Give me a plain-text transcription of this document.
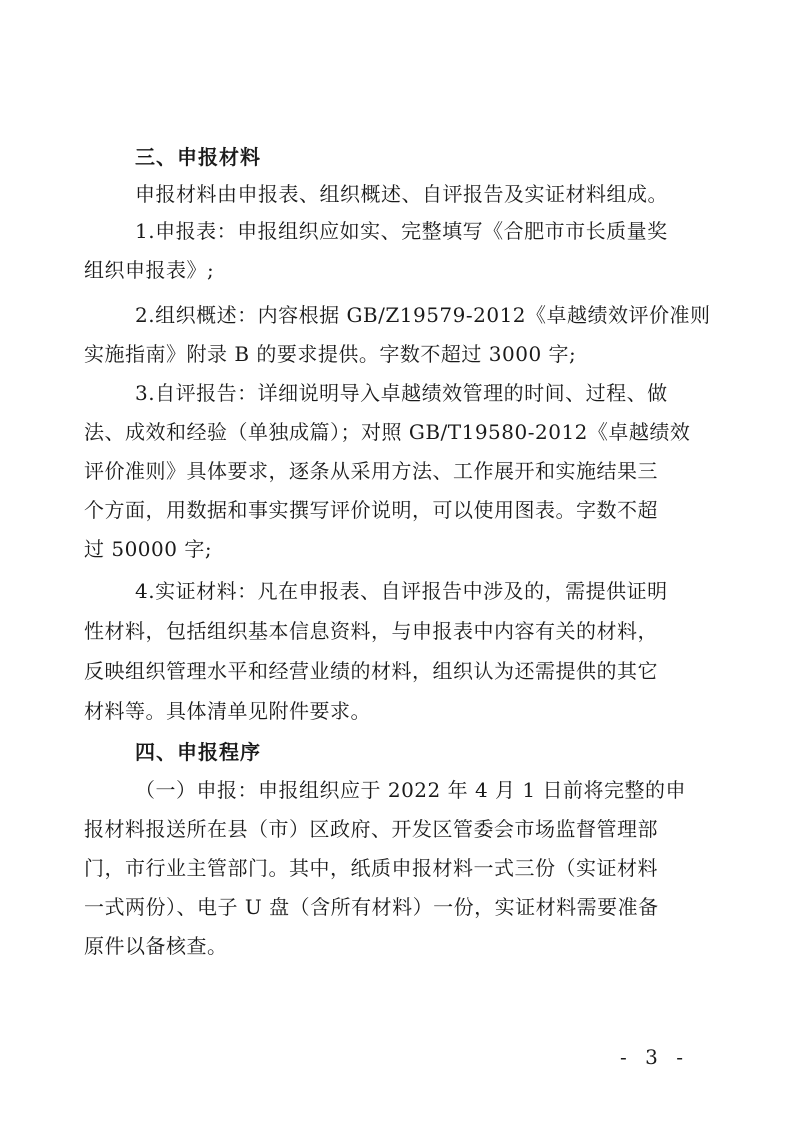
三、申报材料
申报材料由申报表、组织概述、自评报告及实证材料组成。
1.申报表：申报组织应如实、完整填写《合肥市市长质量奖
组织申报表》;
2.组织概述：内容根据 GB/Z19579-2012《卓越绩效评价准则
实施指南》附录 B 的要求提供。字数不超过 3000 字;
3.自评报告：详细说明导入卓越绩效管理的时间、过程、做
法、成效和经验（单独成篇）；对照 GB/T19580-2012《卓越绩效
评价准则》具体要求，逐条从采用方法、工作展开和实施结果三
个方面，用数据和事实撰写评价说明，可以使用图表。字数不超
过 50000 字;
4.实证材料：凡在申报表、自评报告中涉及的，需提供证明
性材料，包括组织基本信息资料，与申报表中内容有关的材料，
反映组织管理水平和经营业绩的材料，组织认为还需提供的其它
材料等。具体清单见附件要求。
四、申报程序
（一）申报：申报组织应于 2022 年 4 月 1 日前将完整的申
报材料报送所在县（市）区政府、开发区管委会市场监督管理部
门，市行业主管部门。其中，纸质申报材料一式三份（实证材料
一式两份）、电子 U 盘（含所有材料）一份，实证材料需要准备
原件以备核查。
- 3 -
